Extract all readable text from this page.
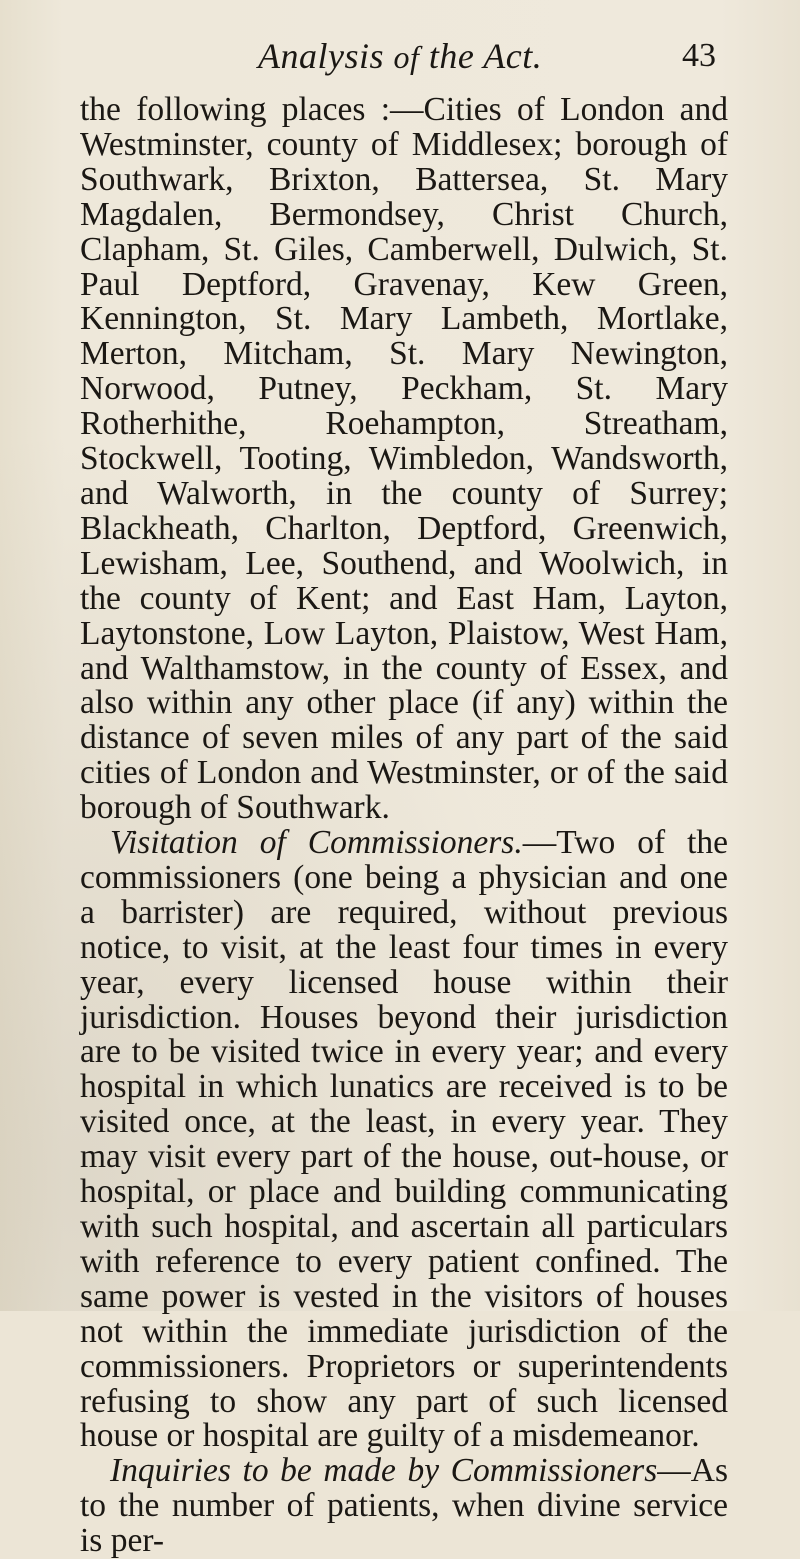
Analysis of the Act.	43

the following places :—Cities of London and Westminster, county of Middlesex; borough of Southwark, Brixton, Battersea, St. Mary Magdalen, Bermondsey, Christ Church, Clapham, St. Giles, Camberwell, Dulwich, St. Paul Deptford, Gravenay, Kew Green, Kennington, St. Mary Lambeth, Mortlake, Merton, Mitcham, St. Mary Newington, Norwood, Putney, Peckham, St. Mary Rotherhithe, Roehampton, Streatham, Stockwell, Tooting, Wimbledon, Wandsworth, and Walworth, in the county of Surrey; Blackheath, Charlton, Deptford, Greenwich, Lewisham, Lee, Southend, and Woolwich, in the county of Kent; and East Ham, Layton, Laytonstone, Low Layton, Plaistow, West Ham, and Walthamstow, in the county of Essex, and also within any other place (if any) within the distance of seven miles of any part of the said cities of London and Westminster, or of the said borough of Southwark.

Visitation of Commissioners.—Two of the commissioners (one being a physician and one a barrister) are required, without previous notice, to visit, at the least four times in every year, every licensed house within their jurisdiction. Houses beyond their jurisdiction are to be visited twice in every year; and every hospital in which lunatics are received is to be visited once, at the least, in every year. They may visit every part of the house, out-house, or hospital, or place and building communicating with such hospital, and ascertain all particulars with reference to every patient confined. The same power is vested in the visitors of houses not within the immediate jurisdiction of the commissioners. Proprietors or superintendents refusing to show any part of such licensed house or hospital are guilty of a misdemeanor.

Inquiries to be made by Commissioners—As to the number of patients, when divine service is per-
